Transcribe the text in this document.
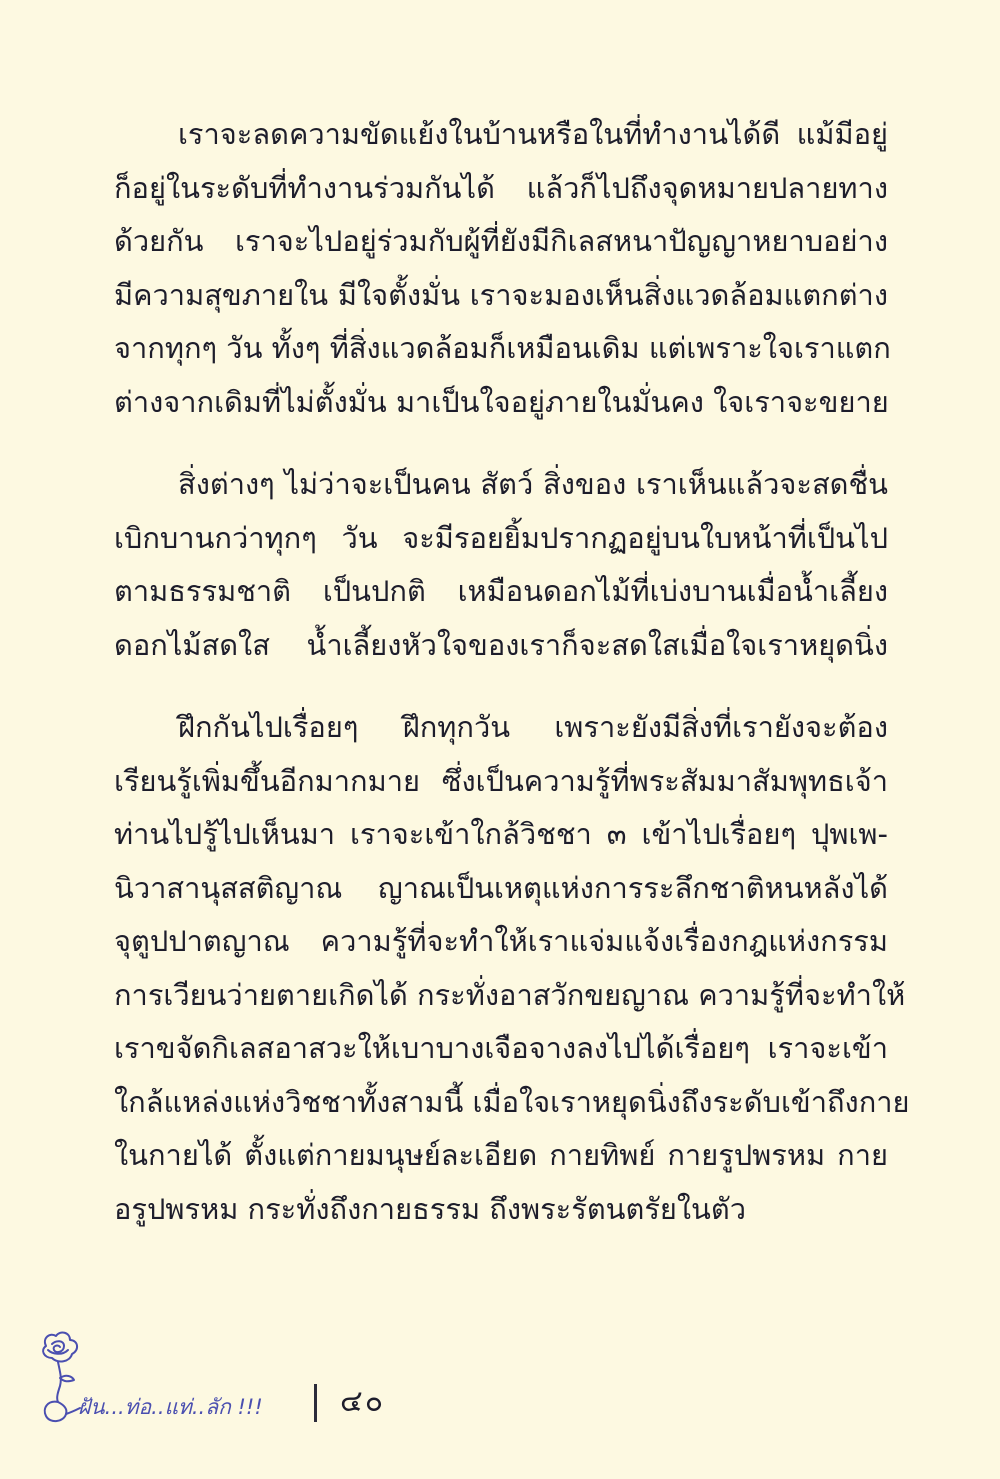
เราจะลดความขัดแย้งในบ้านหรือในที่ทำงานได้ดี แม้มีอยู่
ก็อยู่ในระดับที่ทำงานร่วมกันได้ แล้วก็ไปถึงจุดหมายปลายทาง
ด้วยกัน เราจะไปอยู่ร่วมกับผู้ที่ยังมีกิเลสหนาปัญญาหยาบอย่าง
มีความสุขภายใน มีใจตั้งมั่น เราจะมองเห็นสิ่งแวดล้อมแตกต่าง
จากทุกๆ วัน ทั้งๆ ที่สิ่งแวดล้อมก็เหมือนเดิม แต่เพราะใจเราแตก
ต่างจากเดิมที่ไม่ตั้งมั่น มาเป็นใจอยู่ภายในมั่นคง ใจเราจะขยาย
สิ่งต่างๆ ไม่ว่าจะเป็นคน สัตว์ สิ่งของ เราเห็นแล้วจะสดชื่น
เบิกบานกว่าทุกๆ วัน จะมีรอยยิ้มปรากฏอยู่บนใบหน้าที่เป็นไป
ตามธรรมชาติ เป็นปกติ เหมือนดอกไม้ที่เบ่งบานเมื่อน้ำเลี้ยง
ดอกไม้สดใส น้ำเลี้ยงหัวใจของเราก็จะสดใสเมื่อใจเราหยุดนิ่ง
ฝึกกันไปเรื่อยๆ ฝึกทุกวัน เพราะยังมีสิ่งที่เรายังจะต้อง
เรียนรู้เพิ่มขึ้นอีกมากมาย ซึ่งเป็นความรู้ที่พระสัมมาสัมพุทธเจ้า
ท่านไปรู้ไปเห็นมา เราจะเข้าใกล้วิชชา ๓ เข้าไปเรื่อยๆ ปุพเพ-
นิวาสานุสสติญาณ ญาณเป็นเหตุแห่งการระลึกชาติหนหลังได้
จุตูปปาตญาณ ความรู้ที่จะทำให้เราแจ่มแจ้งเรื่องกฎแห่งกรรม
การเวียนว่ายตายเกิดได้ กระทั่งอาสวักขยญาณ ความรู้ที่จะทำให้
เราขจัดกิเลสอาสวะให้เบาบางเจือจางลงไปได้เรื่อยๆ เราจะเข้า
ใกล้แหล่งแห่งวิชชาทั้งสามนี้ เมื่อใจเราหยุดนิ่งถึงระดับเข้าถึงกาย
ในกายได้ ตั้งแต่กายมนุษย์ละเอียด กายทิพย์ กายรูปพรหม กาย
อรูปพรหม กระทั่งถึงกายธรรม ถึงพระรัตนตรัยในตัว
ฝัน...ท่อ..แท่..ลัก !!!	๔๐
